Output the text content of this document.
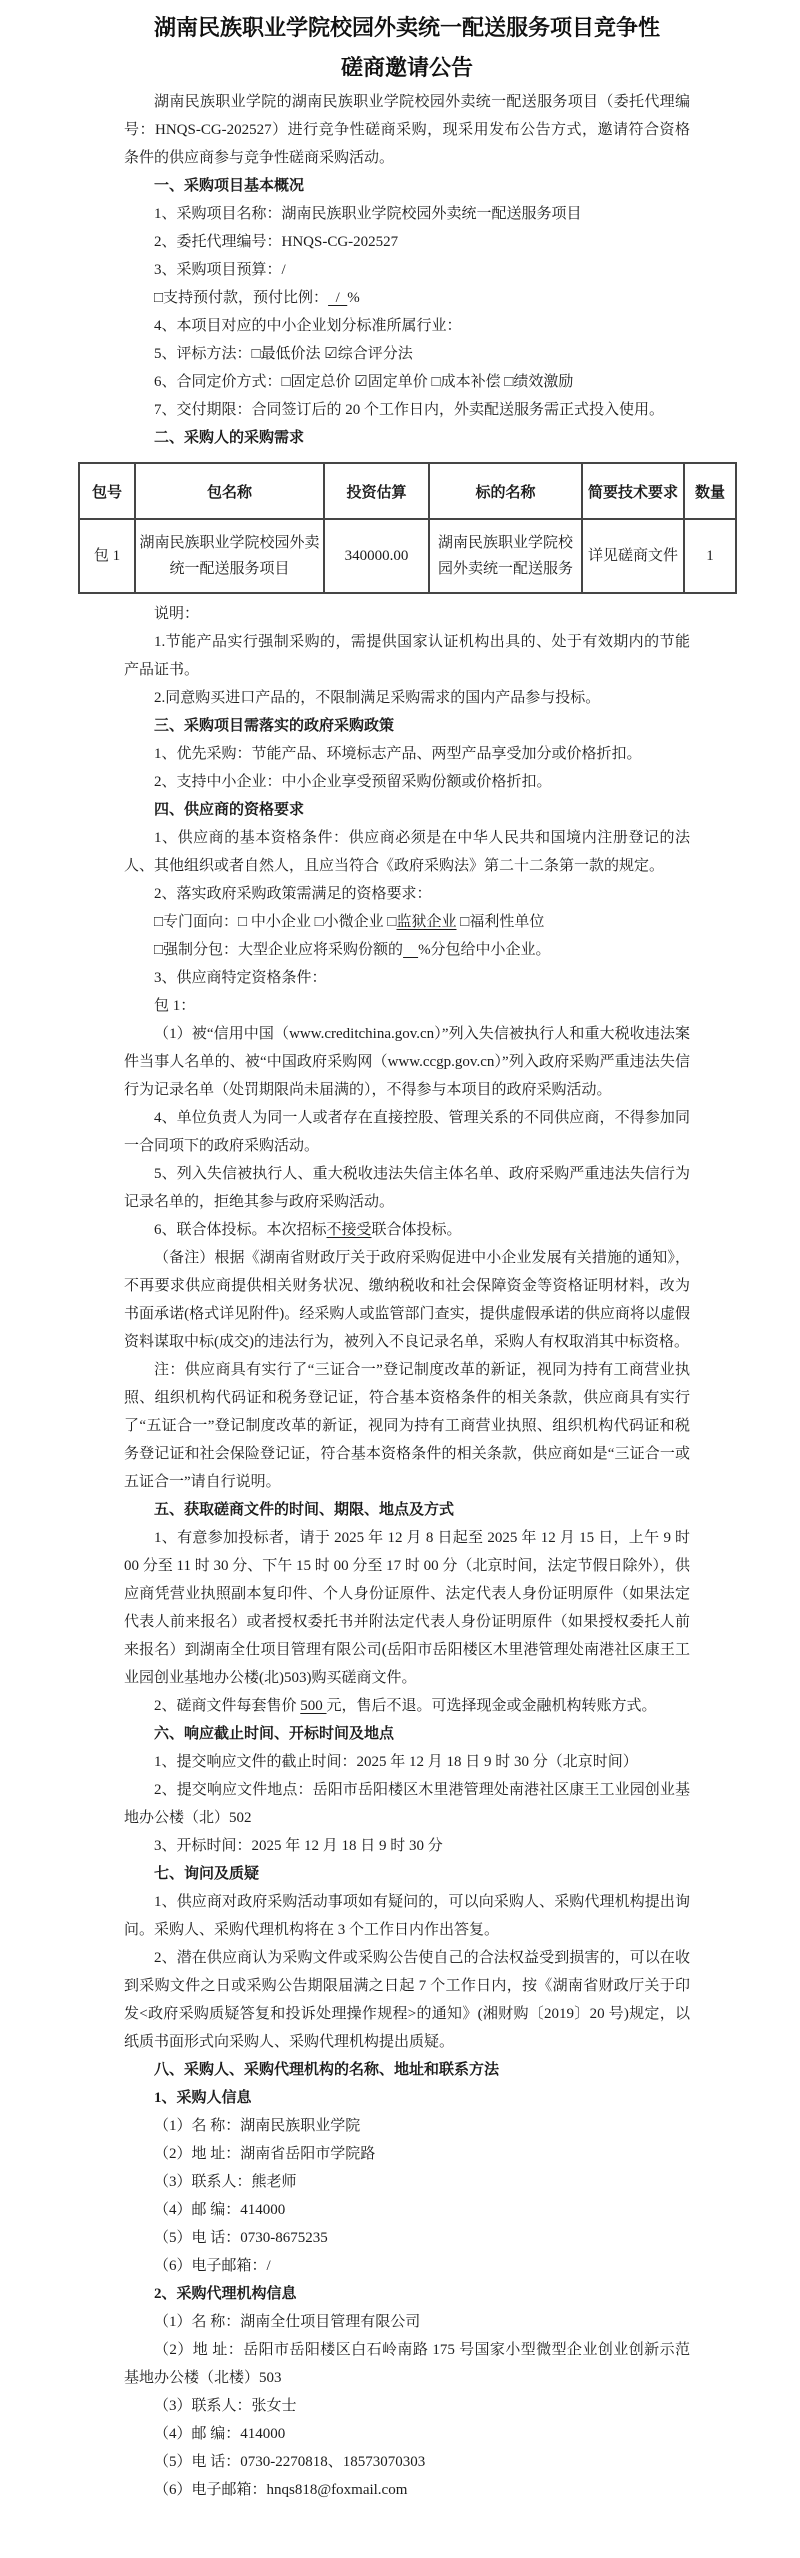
湖南民族职业学院校园外卖统一配送服务项目竞争性
磋商邀请公告

湖南民族职业学院的湖南民族职业学院校园外卖统一配送服务项目（委托代理编号：HNQS-CG-202527）进行竞争性磋商采购，现采用发布公告方式，邀请符合资格条件的供应商参与竞争性磋商采购活动。

一、采购项目基本概况

1、采购项目名称：湖南民族职业学院校园外卖统一配送服务项目

2、委托代理编号：HNQS-CG-202527

3、采购项目预算：/

□支持预付款，预付比例：  /  %

4、本项目对应的中小企业划分标准所属行业：

5、评标方法：□最低价法 ☑综合评分法

6、合同定价方式：□固定总价 ☑固定单价 □成本补偿 □绩效激励

7、交付期限：合同签订后的 20 个工作日内，外卖配送服务需正式投入使用。

二、采购人的采购需求
包号	包名称	投资估算	标的名称	简要技术要求	数量
包 1	湖南民族职业学院校园外卖统一配送服务项目	340000.00	湖南民族职业学院校园外卖统一配送服务	详见磋商文件	1

说明：

1.节能产品实行强制采购的，需提供国家认证机构出具的、处于有效期内的节能产品证书。

2.同意购买进口产品的，不限制满足采购需求的国内产品参与投标。

三、采购项目需落实的政府采购政策

1、优先采购：节能产品、环境标志产品、两型产品享受加分或价格折扣。

2、支持中小企业：中小企业享受预留采购份额或价格折扣。

四、供应商的资格要求

1、供应商的基本资格条件：供应商必须是在中华人民共和国境内注册登记的法人、其他组织或者自然人，且应当符合《政府采购法》第二十二条第一款的规定。

2、落实政府采购政策需满足的资格要求：

□专门面向：□ 中小企业 □小微企业 □监狱企业 □福利性单位

□强制分包：大型企业应将采购份额的 %分包给中小企业。

3、供应商特定资格条件：

包 1：

（1）被“信用中国（www.creditchina.gov.cn）”列入失信被执行人和重大税收违法案件当事人名单的、被“中国政府采购网（www.ccgp.gov.cn）”列入政府采购严重违法失信行为记录名单（处罚期限尚未届满的），不得参与本项目的政府采购活动。

4、单位负责人为同一人或者存在直接控股、管理关系的不同供应商，不得参加同一合同项下的政府采购活动。

5、列入失信被执行人、重大税收违法失信主体名单、政府采购严重违法失信行为记录名单的，拒绝其参与政府采购活动。

6、联合体投标。本次招标不接受联合体投标。

（备注）根据《湖南省财政厅关于政府采购促进中小企业发展有关措施的通知》，不再要求供应商提供相关财务状况、缴纳税收和社会保障资金等资格证明材料，改为书面承诺(格式详见附件)。经采购人或监管部门查实，提供虚假承诺的供应商将以虚假资料谋取中标(成交)的违法行为，被列入不良记录名单，采购人有权取消其中标资格。

注：供应商具有实行了“三证合一”登记制度改革的新证，视同为持有工商营业执照、组织机构代码证和税务登记证，符合基本资格条件的相关条款，供应商具有实行了“五证合一”登记制度改革的新证，视同为持有工商营业执照、组织机构代码证和税务登记证和社会保险登记证，符合基本资格条件的相关条款，供应商如是“三证合一或五证合一”请自行说明。

五、获取磋商文件的时间、期限、地点及方式

1、有意参加投标者，请于 2025 年 12 月 8 日起至 2025 年 12 月 15 日，上午 9 时 00 分至 11 时 30 分、下午 15 时 00 分至 17 时 00 分（北京时间，法定节假日除外），供应商凭营业执照副本复印件、个人身份证原件、法定代表人身份证明原件（如果法定代表人前来报名）或者授权委托书并附法定代表人身份证明原件（如果授权委托人前来报名）到湖南全仕项目管理有限公司(岳阳市岳阳楼区木里港管理处南港社区康王工业园创业基地办公楼(北)503)购买磋商文件。

2、磋商文件每套售价 500 元，售后不退。可选择现金或金融机构转账方式。

六、响应截止时间、开标时间及地点

1、提交响应文件的截止时间：2025 年 12 月 18 日 9 时 30 分（北京时间）

2、提交响应文件地点：岳阳市岳阳楼区木里港管理处南港社区康王工业园创业基地办公楼（北）502

3、开标时间：2025 年 12 月 18 日 9 时 30 分

七、询问及质疑

1、供应商对政府采购活动事项如有疑问的，可以向采购人、采购代理机构提出询问。采购人、采购代理机构将在 3 个工作日内作出答复。

2、潜在供应商认为采购文件或采购公告使自己的合法权益受到损害的，可以在收到采购文件之日或采购公告期限届满之日起 7 个工作日内，按《湖南省财政厅关于印发<政府采购质疑答复和投诉处理操作规程>的通知》(湘财购〔2019〕20 号)规定，以纸质书面形式向采购人、采购代理机构提出质疑。

八、采购人、采购代理机构的名称、地址和联系方法
1、采购人信息

（1）名 称：湖南民族职业学院

（2）地 址：湖南省岳阳市学院路

（3）联系人：熊老师

（4）邮 编：414000

（5）电 话：0730-8675235

（6）电子邮箱：/

2、采购代理机构信息

（1）名 称：湖南全仕项目管理有限公司

（2）地 址：岳阳市岳阳楼区白石岭南路 175 号国家小型微型企业创业创新示范基地办公楼（北楼）503

（3）联系人：张女士

（4）邮 编：414000

（5）电 话：0730-2270818、18573070303

（6）电子邮箱：hnqs818@foxmail.com
